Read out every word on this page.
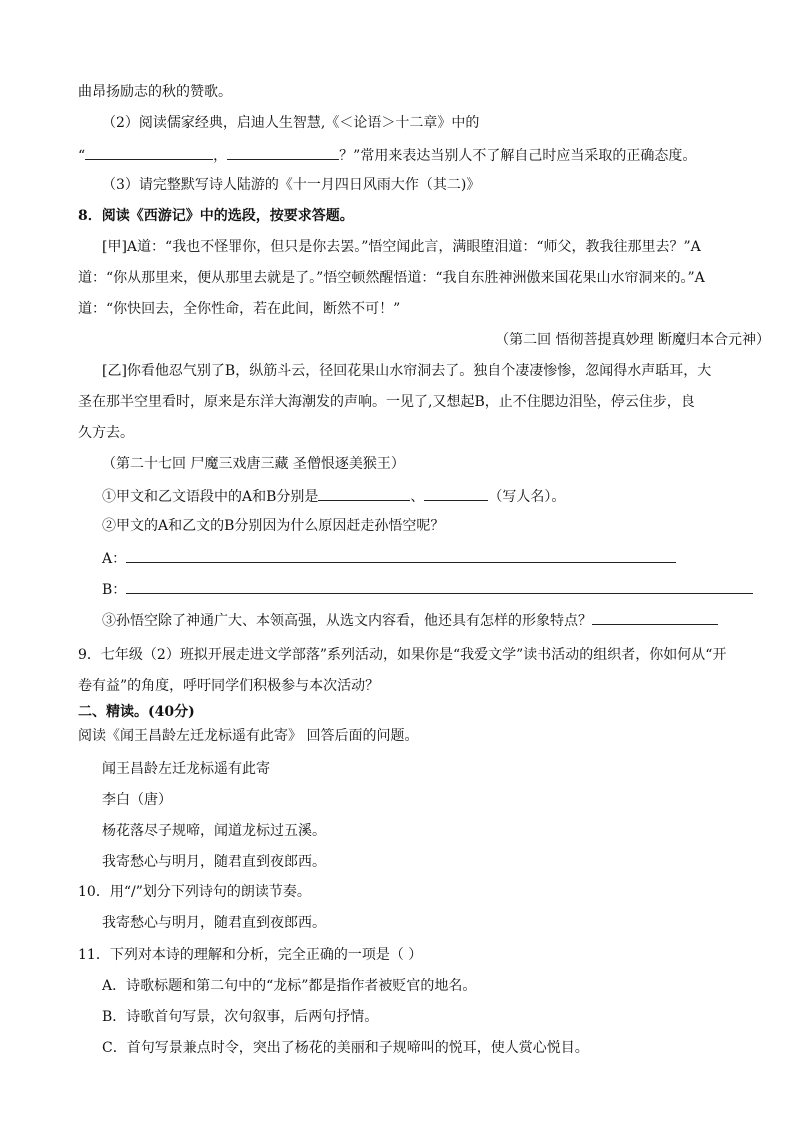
曲昂扬励志的秋的赞歌。
（2）阅读儒家经典，启迪人生智慧,《＜论语＞十二章》中的
“	，	？”常用来表达当别人不了解自己时应当采取的正确态度。
（3）请完整默写诗人陆游的《十一月四日风雨大作（其二)》
8．阅读《西游记》中的选段，按要求答题。
[甲]A道：“我也不怪罪你，但只是你去罢。”悟空闻此言，满眼堕泪道：“师父，教我往那里去？”A
道：“你从那里来，便从那里去就是了。”悟空顿然醒悟道：“我自东胜神洲傲来国花果山水帘洞来的。”A
道：“你快回去，全你性命，若在此间，断然不可！”
（第二回 悟彻菩提真妙理 断魔归本合元神）
[乙]你看他忍气别了B，纵筋斗云，径回花果山水帘洞去了。独自个凄凄惨惨，忽闻得水声聒耳，大
圣在那半空里看时，原来是东洋大海潮发的声响。一见了,又想起B，止不住腮边泪坠，停云住步，良
久方去。
（第二十七回 尸魔三戏唐三藏 圣僧恨逐美猴王）
①甲文和乙文语段中的A和B分别是	、	（写人名）。
②甲文的A和乙文的B分别因为什么原因赶走孙悟空呢？
A：
B：
③孙悟空除了神通广大、本领高强，从选文内容看，他还具有怎样的形象特点？
9．七年级（2）班拟开展走进文学部落”系列活动，如果你是“我爱文学”读书活动的组织者，你如何从“开
卷有益”的角度，呼吁同学们积极参与本次活动？
二、精读。(40分)
阅读《闻王昌龄左迁龙标遥有此寄》 回答后面的问题。
闻王昌龄左迁龙标遥有此寄
李白（唐）
杨花落尽子规啼，闻道龙标过五溪。
我寄愁心与明月，随君直到夜郎西。
10．用“/”划分下列诗句的朗读节奏。
我寄愁心与明月，随君直到夜郎西。
11．下列对本诗的理解和分析，完全正确的一项是（ ）
A．诗歌标题和第二句中的“龙标”都是指作者被贬官的地名。
B．诗歌首句写景，次句叙事，后两句抒情。
C．首句写景兼点时令，突出了杨花的美丽和子规啼叫的悦耳，使人赏心悦目。
